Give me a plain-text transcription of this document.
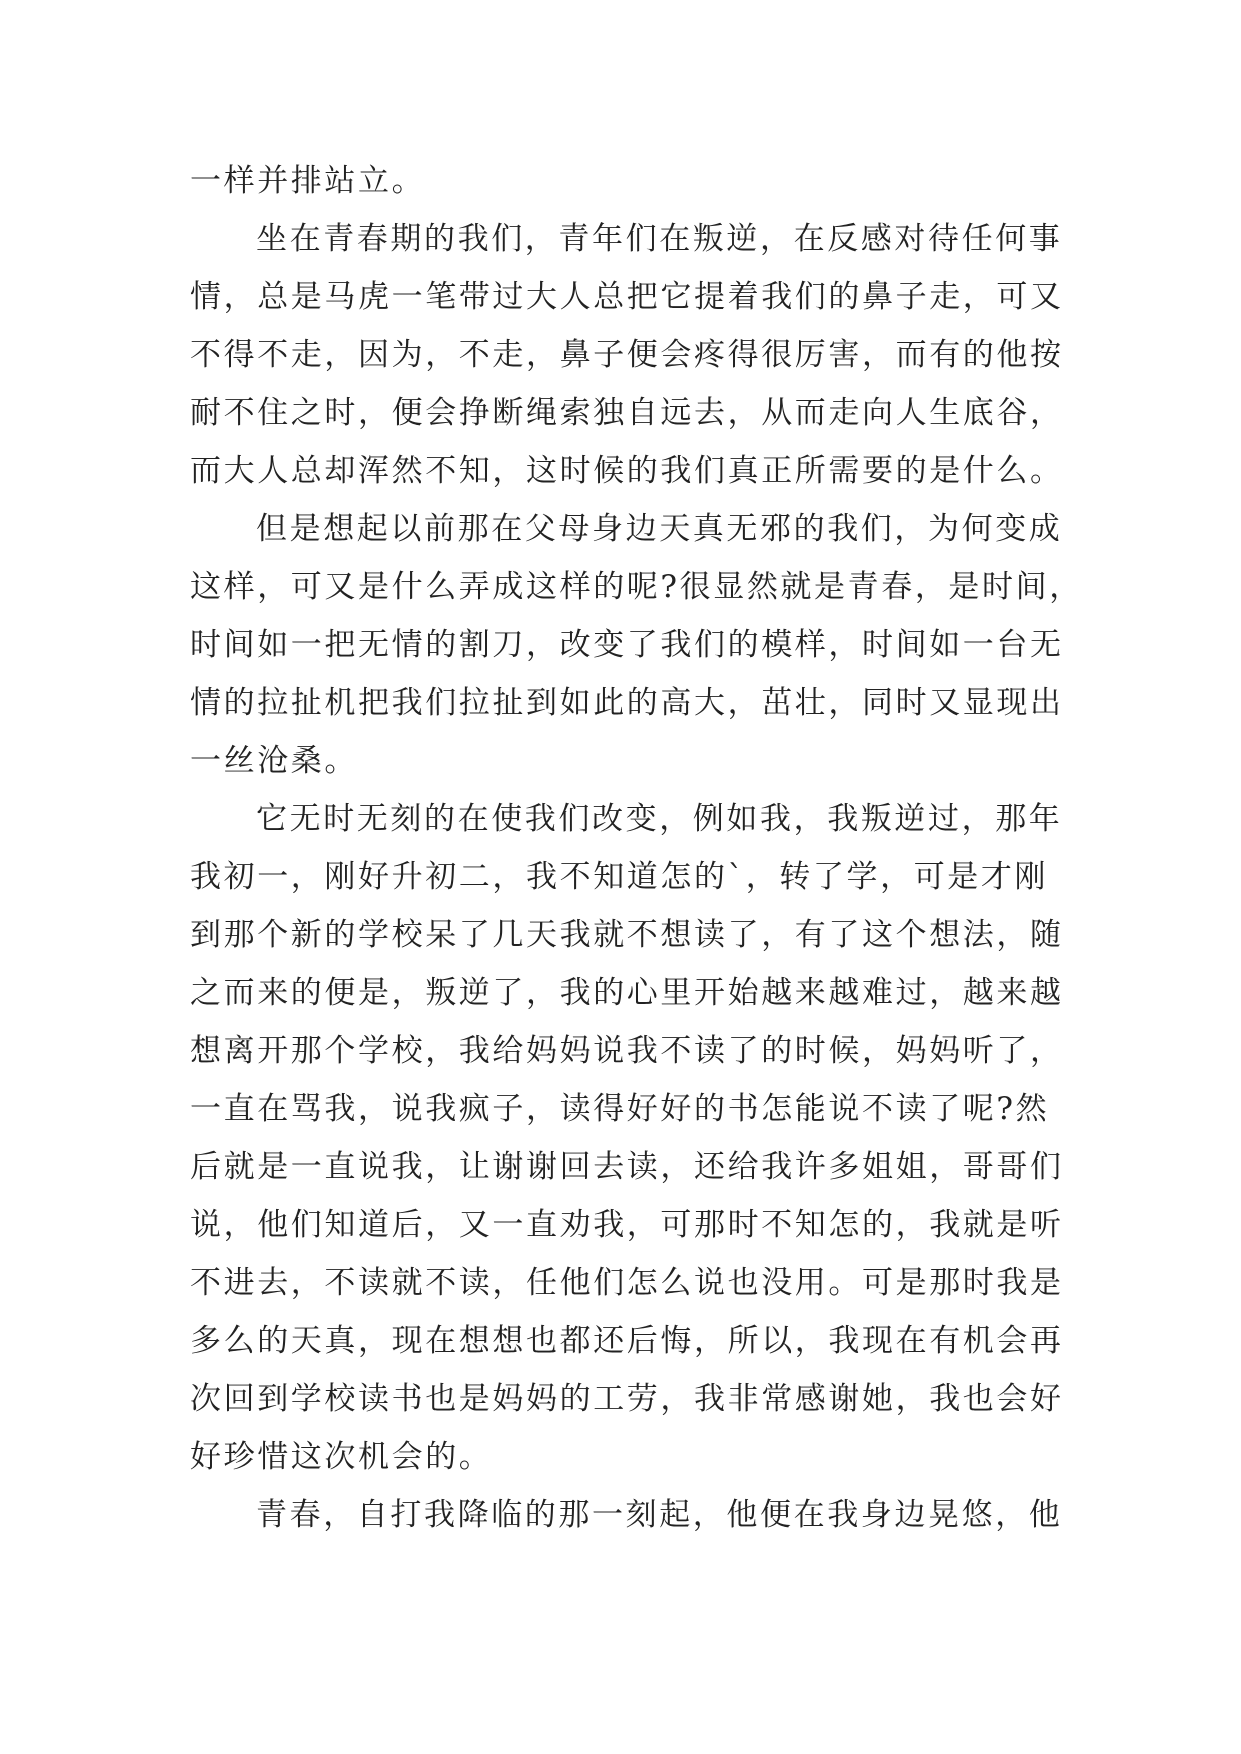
一样并排站立。
坐在青春期的我们，青年们在叛逆，在反感对待任何事
情，总是马虎一笔带过大人总把它提着我们的鼻子走，可又
不得不走，因为，不走，鼻子便会疼得很厉害，而有的他按
耐不住之时，便会挣断绳索独自远去，从而走向人生底谷，
而大人总却浑然不知，这时候的我们真正所需要的是什么。
但是想起以前那在父母身边天真无邪的我们，为何变成
这样，可又是什么弄成这样的呢?很显然就是青春，是时间，
时间如一把无情的割刀，改变了我们的模样，时间如一台无
情的拉扯机把我们拉扯到如此的高大，茁壮，同时又显现出
一丝沧桑。
它无时无刻的在使我们改变，例如我，我叛逆过，那年
我初一，刚好升初二，我不知道怎的`，转了学，可是才刚
到那个新的学校呆了几天我就不想读了，有了这个想法，随
之而来的便是，叛逆了，我的心里开始越来越难过，越来越
想离开那个学校，我给妈妈说我不读了的时候，妈妈听了，
一直在骂我，说我疯子，读得好好的书怎能说不读了呢?然
后就是一直说我，让谢谢回去读，还给我许多姐姐，哥哥们
说，他们知道后，又一直劝我，可那时不知怎的，我就是听
不进去，不读就不读，任他们怎么说也没用。可是那时我是
多么的天真，现在想想也都还后悔，所以，我现在有机会再
次回到学校读书也是妈妈的工劳，我非常感谢她，我也会好
好珍惜这次机会的。
青春，自打我降临的那一刻起，他便在我身边晃悠，他
